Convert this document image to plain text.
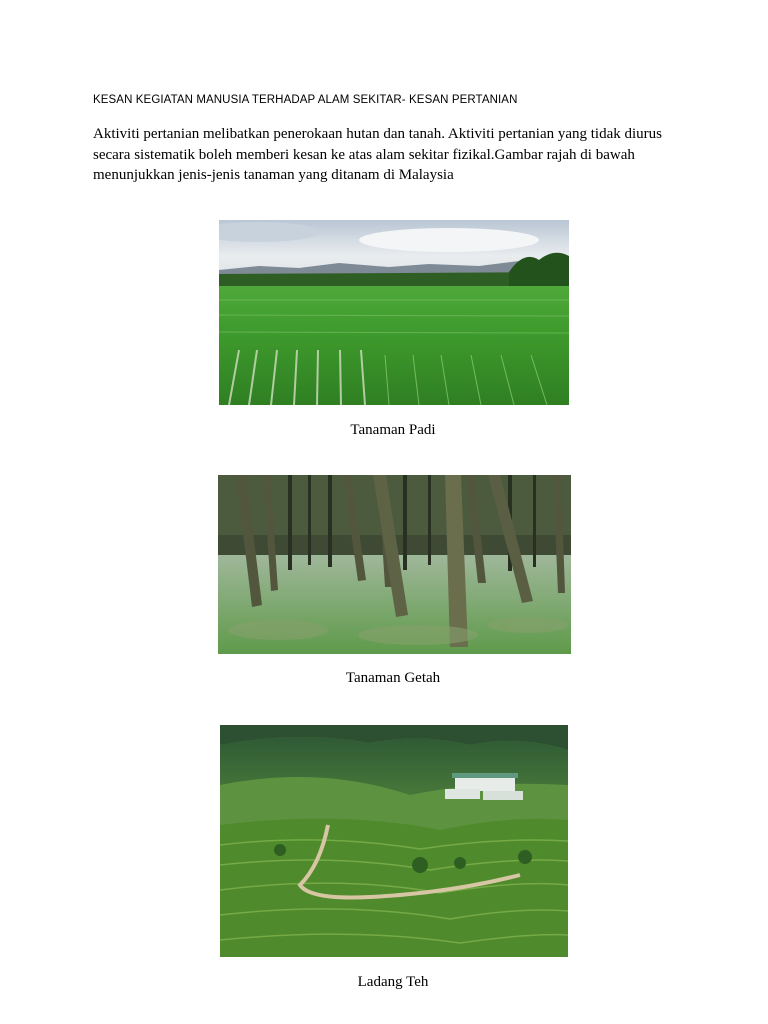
KESAN KEGIATAN MANUSIA TERHADAP ALAM SEKITAR- KESAN PERTANIAN
Aktiviti pertanian melibatkan penerokaan hutan dan tanah. Aktiviti pertanian yang tidak diurus
secara sistematik boleh memberi kesan ke atas alam sekitar fizikal.Gambar rajah di bawah
menunjukkan jenis-jenis tanaman yang ditanam di Malaysia
Tanaman Padi
Tanaman Getah
Ladang Teh
